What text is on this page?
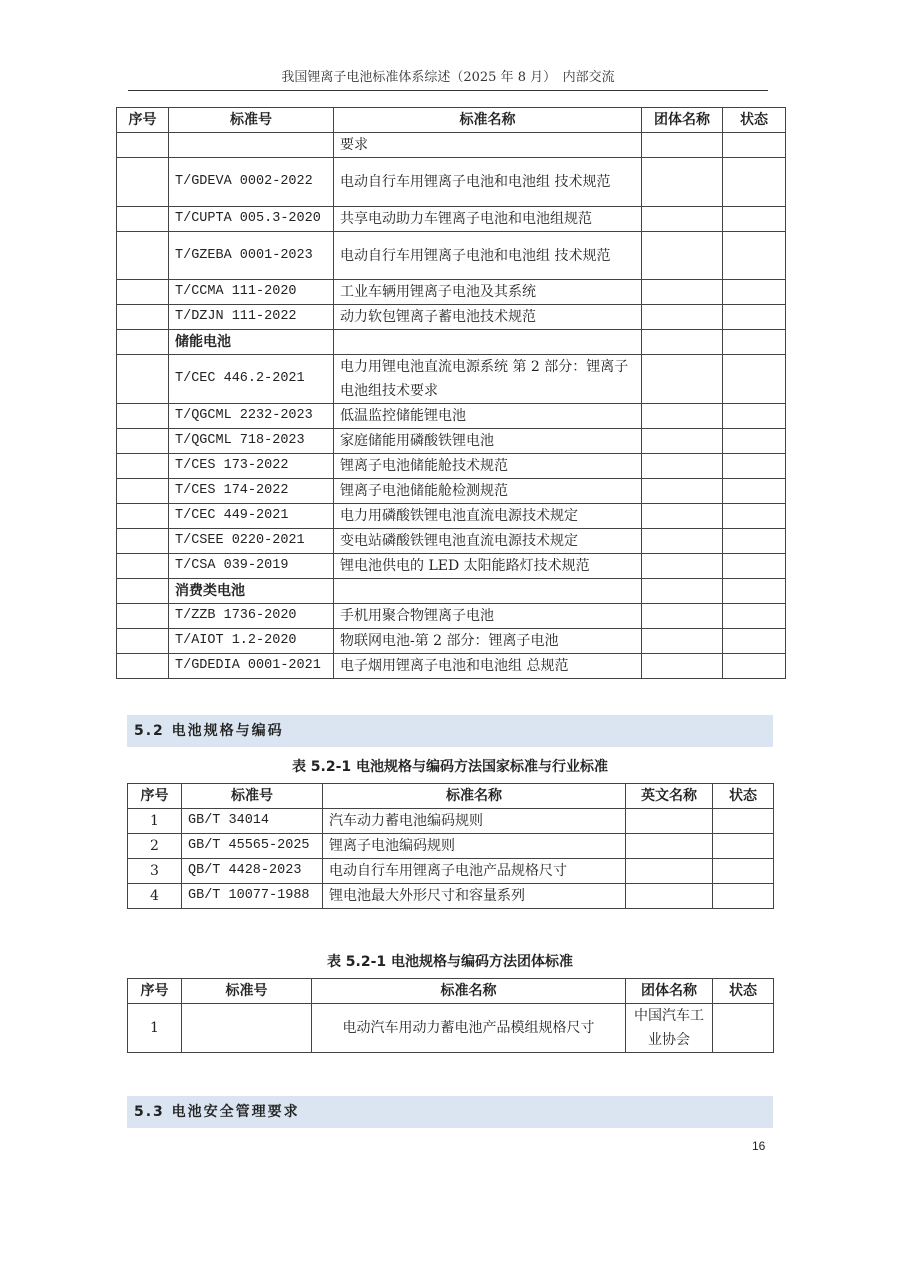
我国锂离子电池标准体系综述（2025 年 8 月）　内部交流
序号	标准号	标准名称	团体名称	状态
		要求		
	T/GDEVA 0002-2022	电动自行车用锂离子电池和电池组 技术规范		
	T/CUPTA 005.3-2020	共享电动助力车锂离子电池和电池组规范		
	T/GZEBA 0001-2023	电动自行车用锂离子电池和电池组 技术规范		
	T/CCMA 111-2020	工业车辆用锂离子电池及其系统		
	T/DZJN 111-2022	动力软包锂离子蓄电池技术规范		
	储能电池			
	T/CEC 446.2-2021	电力用锂电池直流电源系统 第 2 部分：锂离子电池组技术要求		
	T/QGCML 2232-2023	低温监控储能锂电池		
	T/QGCML 718-2023	家庭储能用磷酸铁锂电池		
	T/CES 173-2022	锂离子电池储能舱技术规范		
	T/CES 174-2022	锂离子电池储能舱检测规范		
	T/CEC 449-2021	电力用磷酸铁锂电池直流电源技术规定		
	T/CSEE 0220-2021	变电站磷酸铁锂电池直流电源技术规定		
	T/CSA 039-2019	锂电池供电的 LED 太阳能路灯技术规范		
	消费类电池			
	T/ZZB 1736-2020	手机用聚合物锂离子电池		
	T/AIOT 1.2-2020	物联网电池-第 2 部分：锂离子电池		
	T/GDEDIA 0001-2021	电子烟用锂离子电池和电池组 总规范		
5.2 电池规格与编码
表 5.2-1 电池规格与编码方法国家标准与行业标准
序号	标准号	标准名称	英文名称	状态
1	GB/T 34014	汽车动力蓄电池编码规则		
2	GB/T 45565-2025	锂离子电池编码规则		
3	QB/T 4428-2023	电动自行车用锂离子电池产品规格尺寸		
4	GB/T 10077-1988	锂电池最大外形尺寸和容量系列		
表 5.2-1 电池规格与编码方法团体标准
序号	标准号	标准名称	团体名称	状态
1		电动汽车用动力蓄电池产品模组规格尺寸	中国汽车工业协会	
5.3 电池安全管理要求
16
